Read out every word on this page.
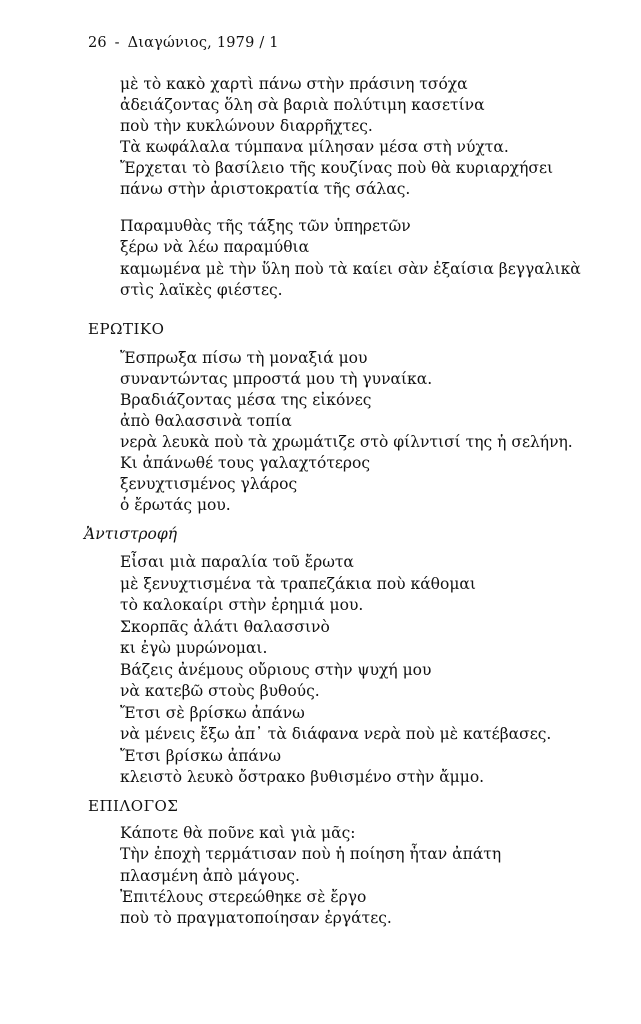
26 - Διαγώνιος, 1979 / 1
μὲ τὸ κακὸ χαρτὶ πάνω στὴν πράσινη τσόχα
ἀδειάζοντας ὅλη σὰ βαριὰ πολύτιμη κασετίνα
ποὺ τὴν κυκλώνουν διαρρῆχτες.
Τὰ κωφάλαλα τύμπανα μίλησαν μέσα στὴ νύχτα.
Ἔρχεται τὸ βασίλειο τῆς κουζίνας ποὺ θὰ κυριαρχήσει
πάνω στὴν ἀριστοκρατία τῆς σάλας.
Παραμυθὰς τῆς τάξης τῶν ὑπηρετῶν
ξέρω νὰ λέω παραμύθια
καμωμένα μὲ τὴν ὕλη ποὺ τὰ καίει σὰν ἐξαίσια βεγγαλικὰ
στὶς λαϊκὲς φιέστες.
ΕΡΩΤΙΚΟ
Ἔσπρωξα πίσω τὴ μοναξιά μου
συναντώντας μπροστά μου τὴ γυναίκα.
Βραδιάζοντας μέσα της εἰκόνες
ἀπὸ θαλασσινὰ τοπία
νερὰ λευκὰ ποὺ τὰ χρωμάτιζε στὸ φίλντισί της ἡ σελήνη.
Κι ἀπάνωθέ τους γαλαχτότερος
ξενυχτισμένος γλάρος
ὁ ἔρωτάς μου.
Ἀντιστροφή
Εἶσαι μιὰ παραλία τοῦ ἔρωτα
μὲ ξενυχτισμένα τὰ τραπεζάκια ποὺ κάθομαι
τὸ καλοκαίρι στὴν ἐρημιά μου.
Σκορπᾶς ἁλάτι θαλασσινὸ
κι ἐγὼ μυρώνομαι.
Βάζεις ἀνέμους οὔριους στὴν ψυχή μου
νὰ κατεβῶ στοὺς βυθούς.
Ἔτσι σὲ βρίσκω ἀπάνω
νὰ μένεις ἔξω ἀπ᾽ τὰ διάφανα νερὰ ποὺ μὲ κατέβασες.
Ἔτσι βρίσκω ἀπάνω
κλειστὸ λευκὸ ὄστρακο βυθισμένο στὴν ἄμμο.
ΕΠΙΛΟΓΟΣ
Κάποτε θὰ ποῦνε καὶ γιὰ μᾶς:
Τὴν ἐποχὴ τερμάτισαν ποὺ ἡ ποίηση ἦταν ἀπάτη
πλασμένη ἀπὸ μάγους.
Ἐπιτέλους στερεώθηκε σὲ ἔργο
ποὺ τὸ πραγματοποίησαν ἐργάτες.
